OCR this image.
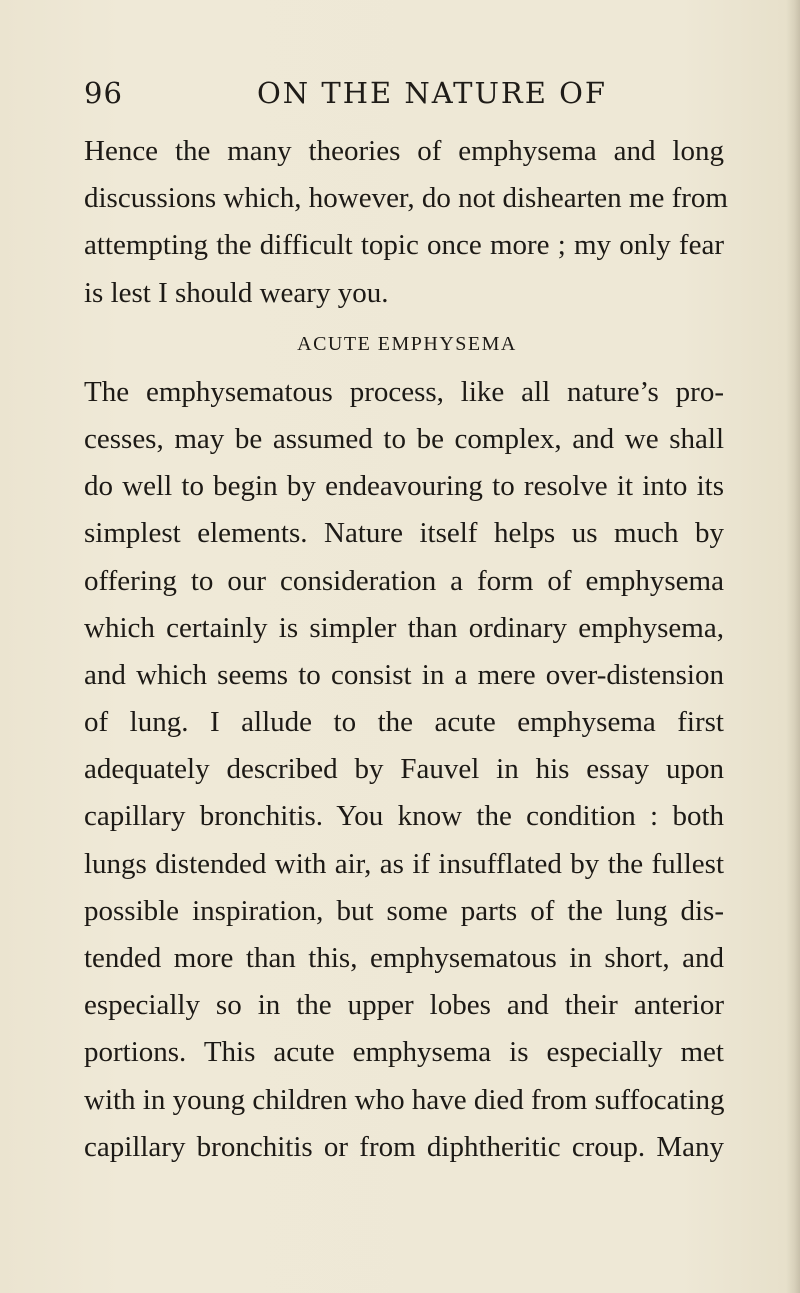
96	ON THE NATURE OF
Hence the many theories of emphysema and long
discussions which, however, do not dishearten me from
attempting the difficult topic once more ; my only fear
is lest I should weary you.
ACUTE EMPHYSEMA
The emphysematous process, like all nature’s pro-
cesses, may be assumed to be complex, and we shall
do well to begin by endeavouring to resolve it into its
simplest elements. Nature itself helps us much by
offering to our consideration a form of emphysema
which certainly is simpler than ordinary emphysema,
and which seems to consist in a mere over-distension
of lung. I allude to the acute emphysema first
adequately described by Fauvel in his essay upon
capillary bronchitis. You know the condition : both
lungs distended with air, as if insufflated by the fullest
possible inspiration, but some parts of the lung dis-
tended more than this, emphysematous in short, and
especially so in the upper lobes and their anterior
portions. This acute emphysema is especially met
with in young children who have died from suffocating
capillary bronchitis or from diphtheritic croup. Many
